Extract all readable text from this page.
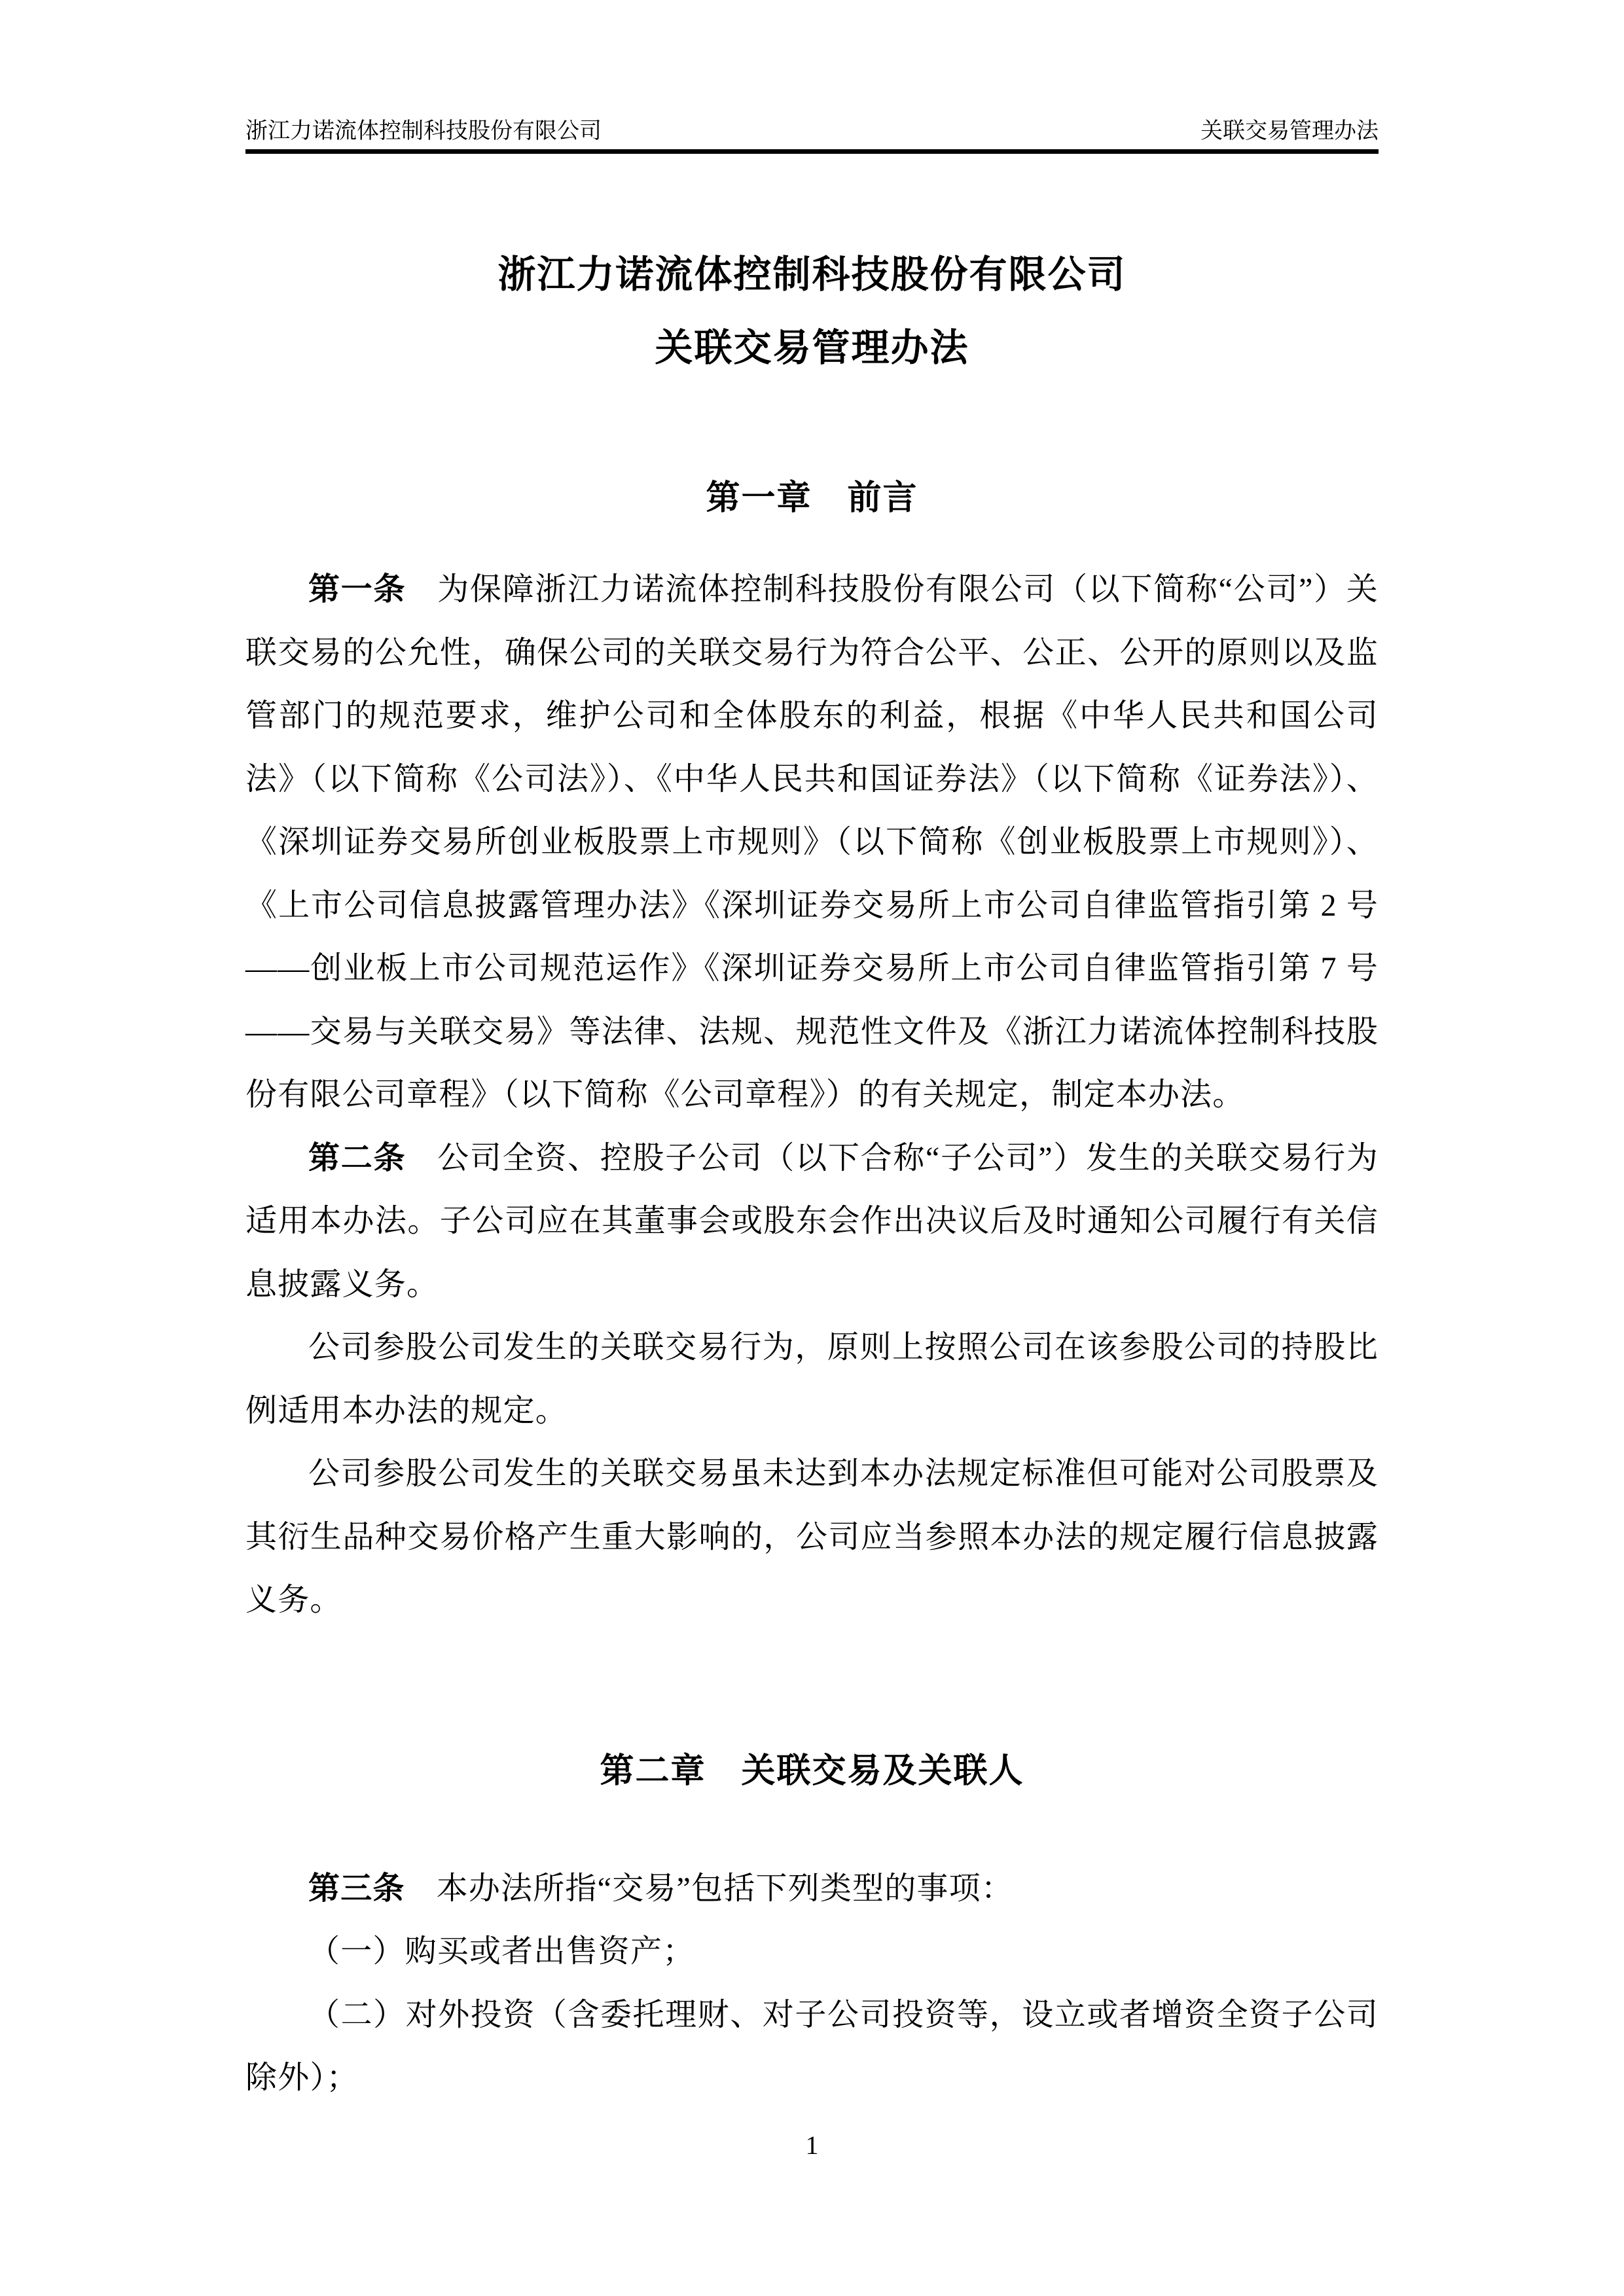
浙江力诺流体控制科技股份有限公司	关联交易管理办法
浙江力诺流体控制科技股份有限公司
关联交易管理办法
第一章　前言

第一条 为保障浙江力诺流体控制科技股份有限公司（以下简称“公司”）关联交易的公允性，确保公司的关联交易行为符合公平、公正、公开的原则以及监管部门的规范要求，维护公司和全体股东的利益，根据《中华人民共和国公司法》（以下简称《公司法》）、《中华人民共和国证券法》（以下简称《证券法》）、《深圳证券交易所创业板股票上市规则》（以下简称《创业板股票上市规则》）、《上市公司信息披露管理办法》《深圳证券交易所上市公司自律监管指引第 2 号——创业板上市公司规范运作》《深圳证券交易所上市公司自律监管指引第 7 号——交易与关联交易》等法律、法规、规范性文件及《浙江力诺流体控制科技股份有限公司章程》（以下简称《公司章程》）的有关规定，制定本办法。

第二条 公司全资、控股子公司（以下合称“子公司”）发生的关联交易行为适用本办法。子公司应在其董事会或股东会作出决议后及时通知公司履行有关信息披露义务。

公司参股公司发生的关联交易行为，原则上按照公司在该参股公司的持股比例适用本办法的规定。

公司参股公司发生的关联交易虽未达到本办法规定标准但可能对公司股票及其衍生品种交易价格产生重大影响的，公司应当参照本办法的规定履行信息披露义务。

第二章　关联交易及关联人

第三条 本办法所指“交易”包括下列类型的事项：

（一）购买或者出售资产；

（二）对外投资（含委托理财、对子公司投资等，设立或者增资全资子公司除外）；

1
